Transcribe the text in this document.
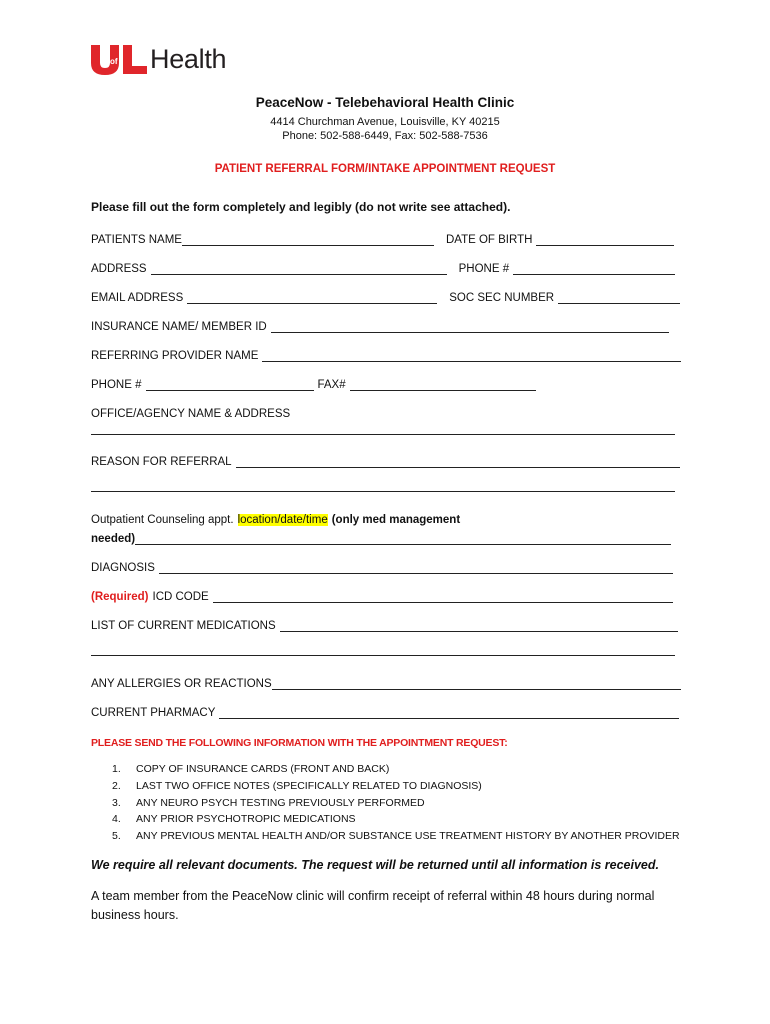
of Health
PeaceNow - Telebehavioral Health Clinic
4414 Churchman Avenue, Louisville, KY 40215
Phone: 502-588-6449, Fax: 502-588-7536
PATIENT REFERRAL FORM/INTAKE APPOINTMENT REQUEST
Please fill out the form completely and legibly (do not write see attached).
PATIENTS NAME	DATE OF BIRTH
ADDRESS	PHONE #
EMAIL ADDRESS	SOC SEC NUMBER
INSURANCE NAME/ MEMBER ID
REFERRING PROVIDER NAME
PHONE #	FAX#
OFFICE/AGENCY NAME & ADDRESS
REASON FOR REFERRAL
Outpatient Counseling appt. location/date/time (only med management
needed)
DIAGNOSIS
(Required) ICD CODE
LIST OF CURRENT MEDICATIONS
ANY ALLERGIES OR REACTIONS
CURRENT PHARMACY
PLEASE SEND THE FOLLOWING INFORMATION WITH THE APPOINTMENT REQUEST:
1.	COPY OF INSURANCE CARDS (FRONT AND BACK)
2.	LAST TWO OFFICE NOTES (SPECIFICALLY RELATED TO DIAGNOSIS)
3.	ANY NEURO PSYCH TESTING PREVIOUSLY PERFORMED
4.	ANY PRIOR PSYCHOTROPIC MEDICATIONS
5.	ANY PREVIOUS MENTAL HEALTH AND/OR SUBSTANCE USE TREATMENT HISTORY BY ANOTHER PROVIDER
We require all relevant documents. The request will be returned until all information is received.
A team member from the PeaceNow clinic will confirm receipt of referral within 48 hours during normal business hours.
